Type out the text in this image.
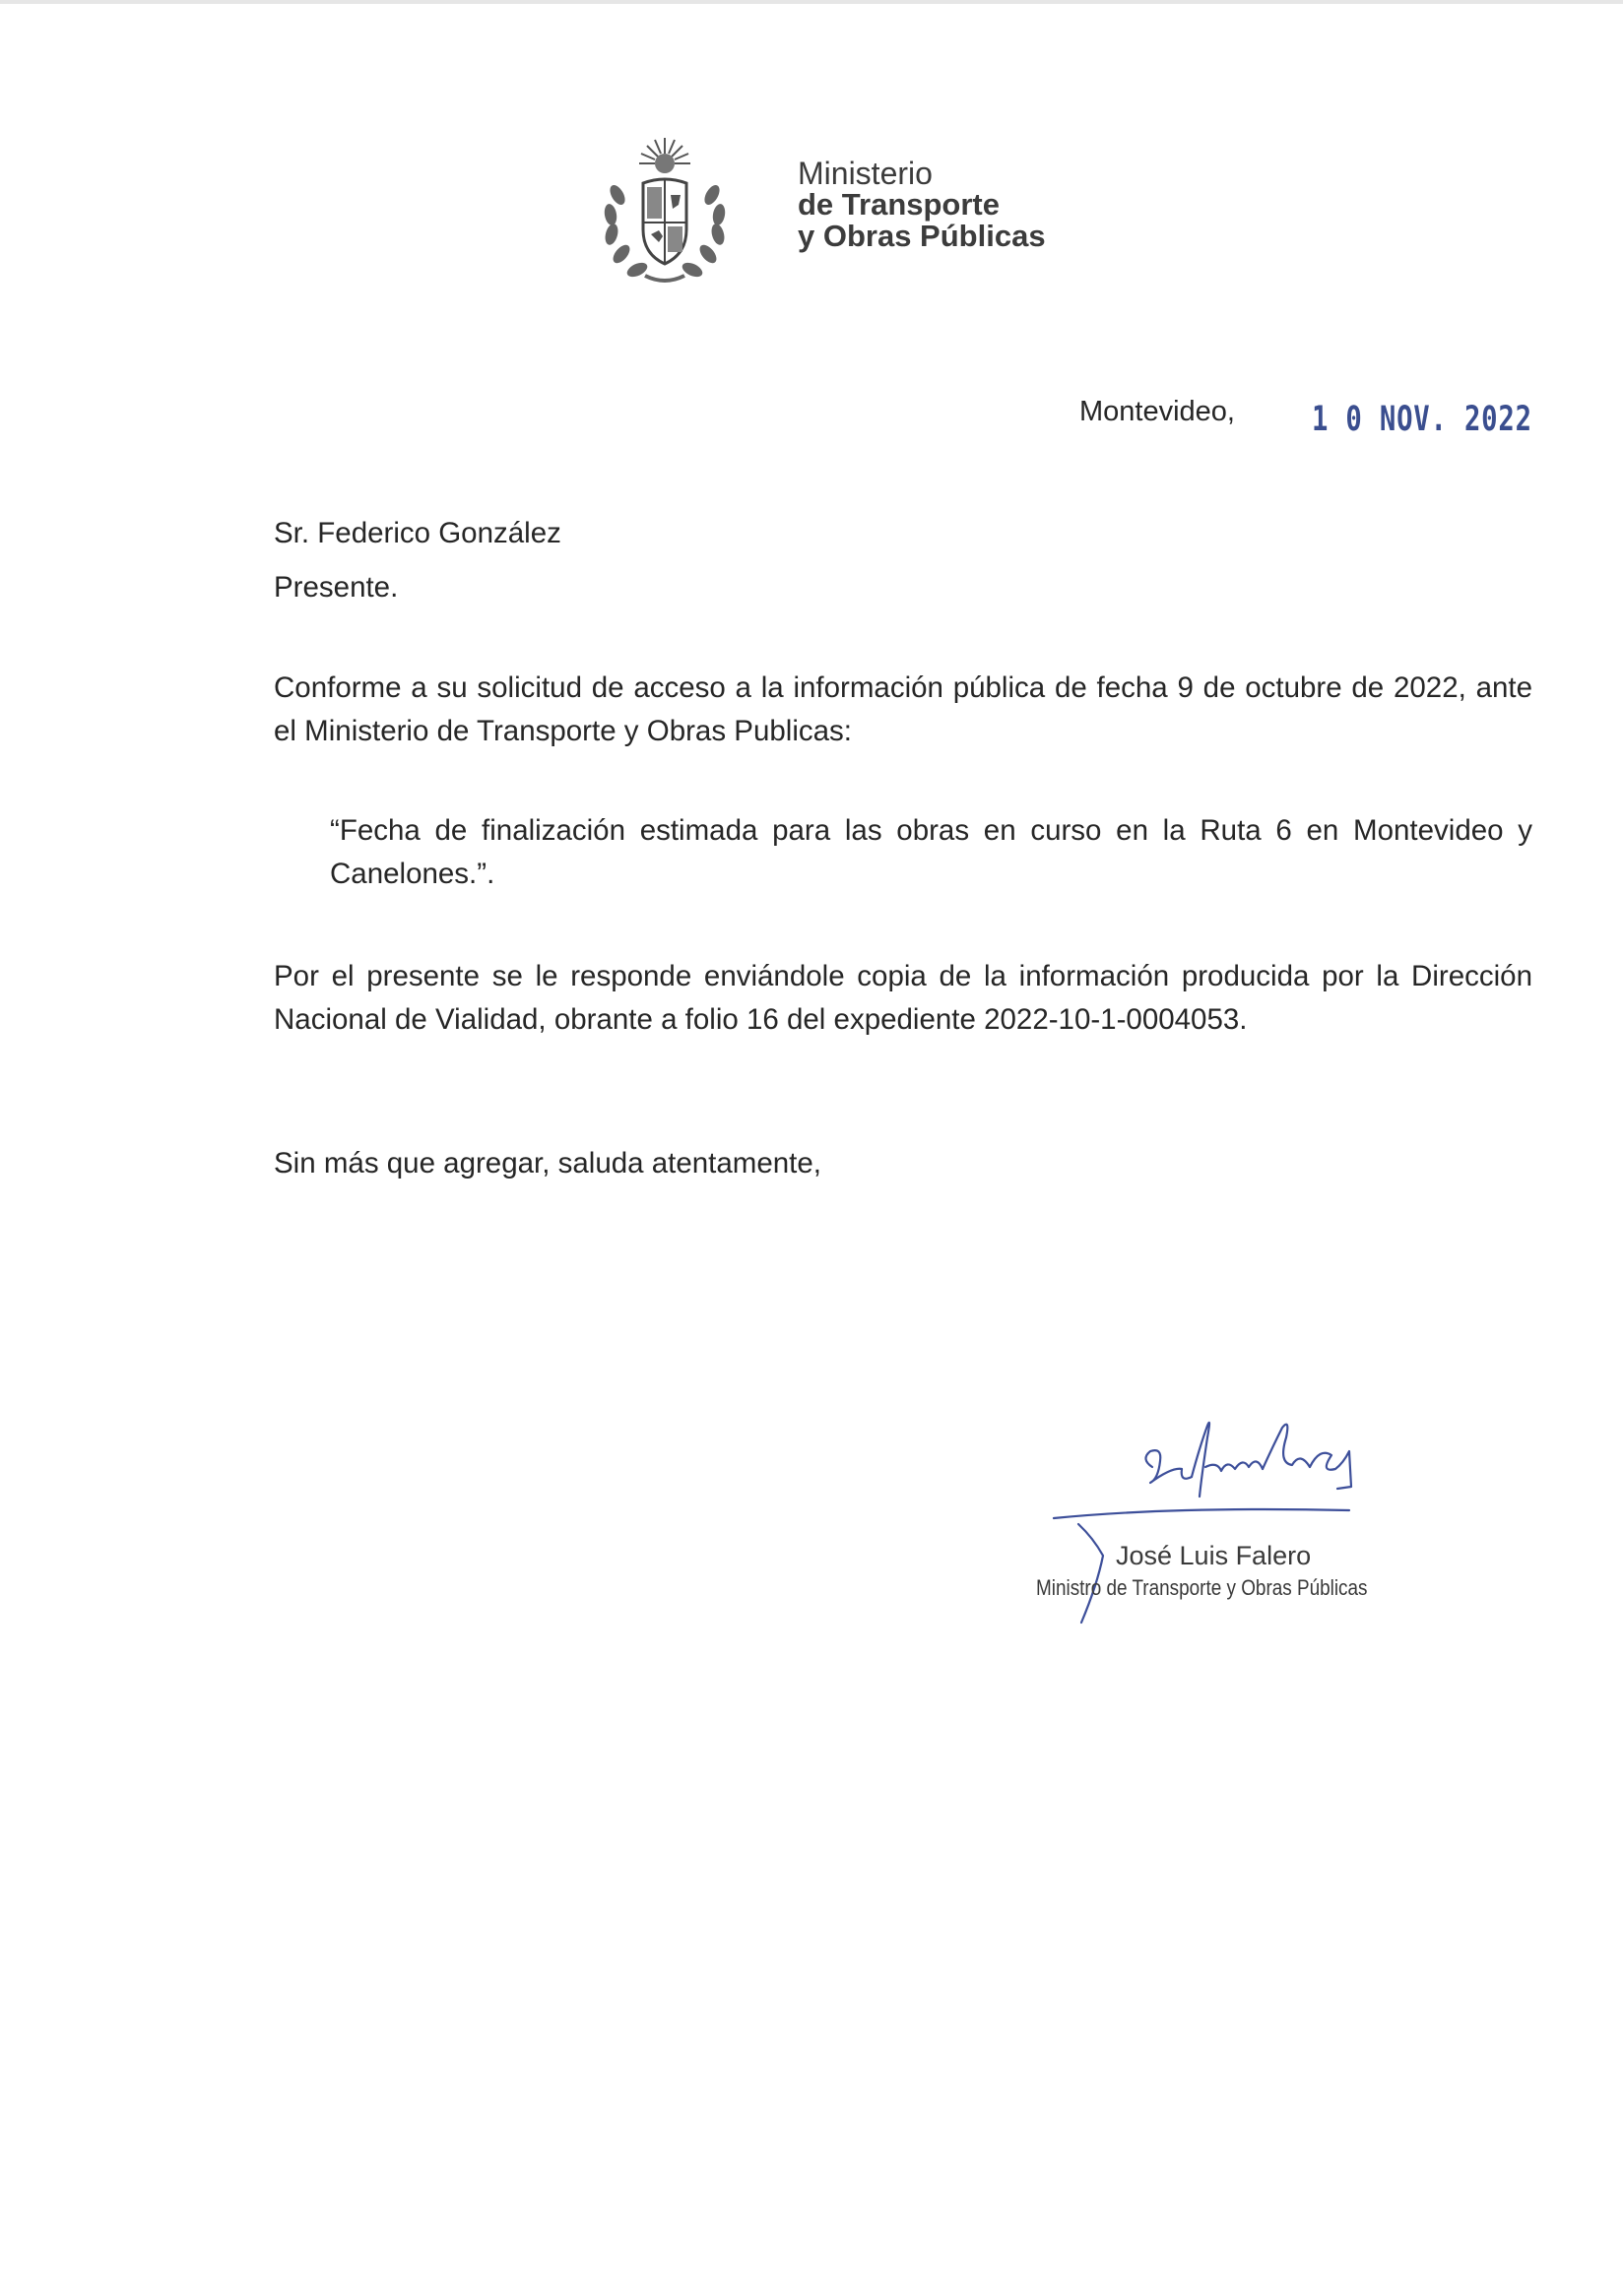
Ministerio
de Transporte
y Obras Públicas
Montevideo, 1 0 NOV. 2022
Sr. Federico González
Presente.
Conforme a su solicitud de acceso a la información pública de fecha 9 de octubre de 2022, ante el Ministerio de Transporte y Obras Publicas:
“Fecha de finalización estimada para las obras en curso en la Ruta 6 en Montevideo y Canelones.”.
Por el presente se le responde enviándole copia de la información producida por la Dirección Nacional de Vialidad, obrante a folio 16 del expediente 2022-10-1-0004053.
Sin más que agregar, saluda atentamente,
José Luis Falero
Ministro de Transporte y Obras Públicas
